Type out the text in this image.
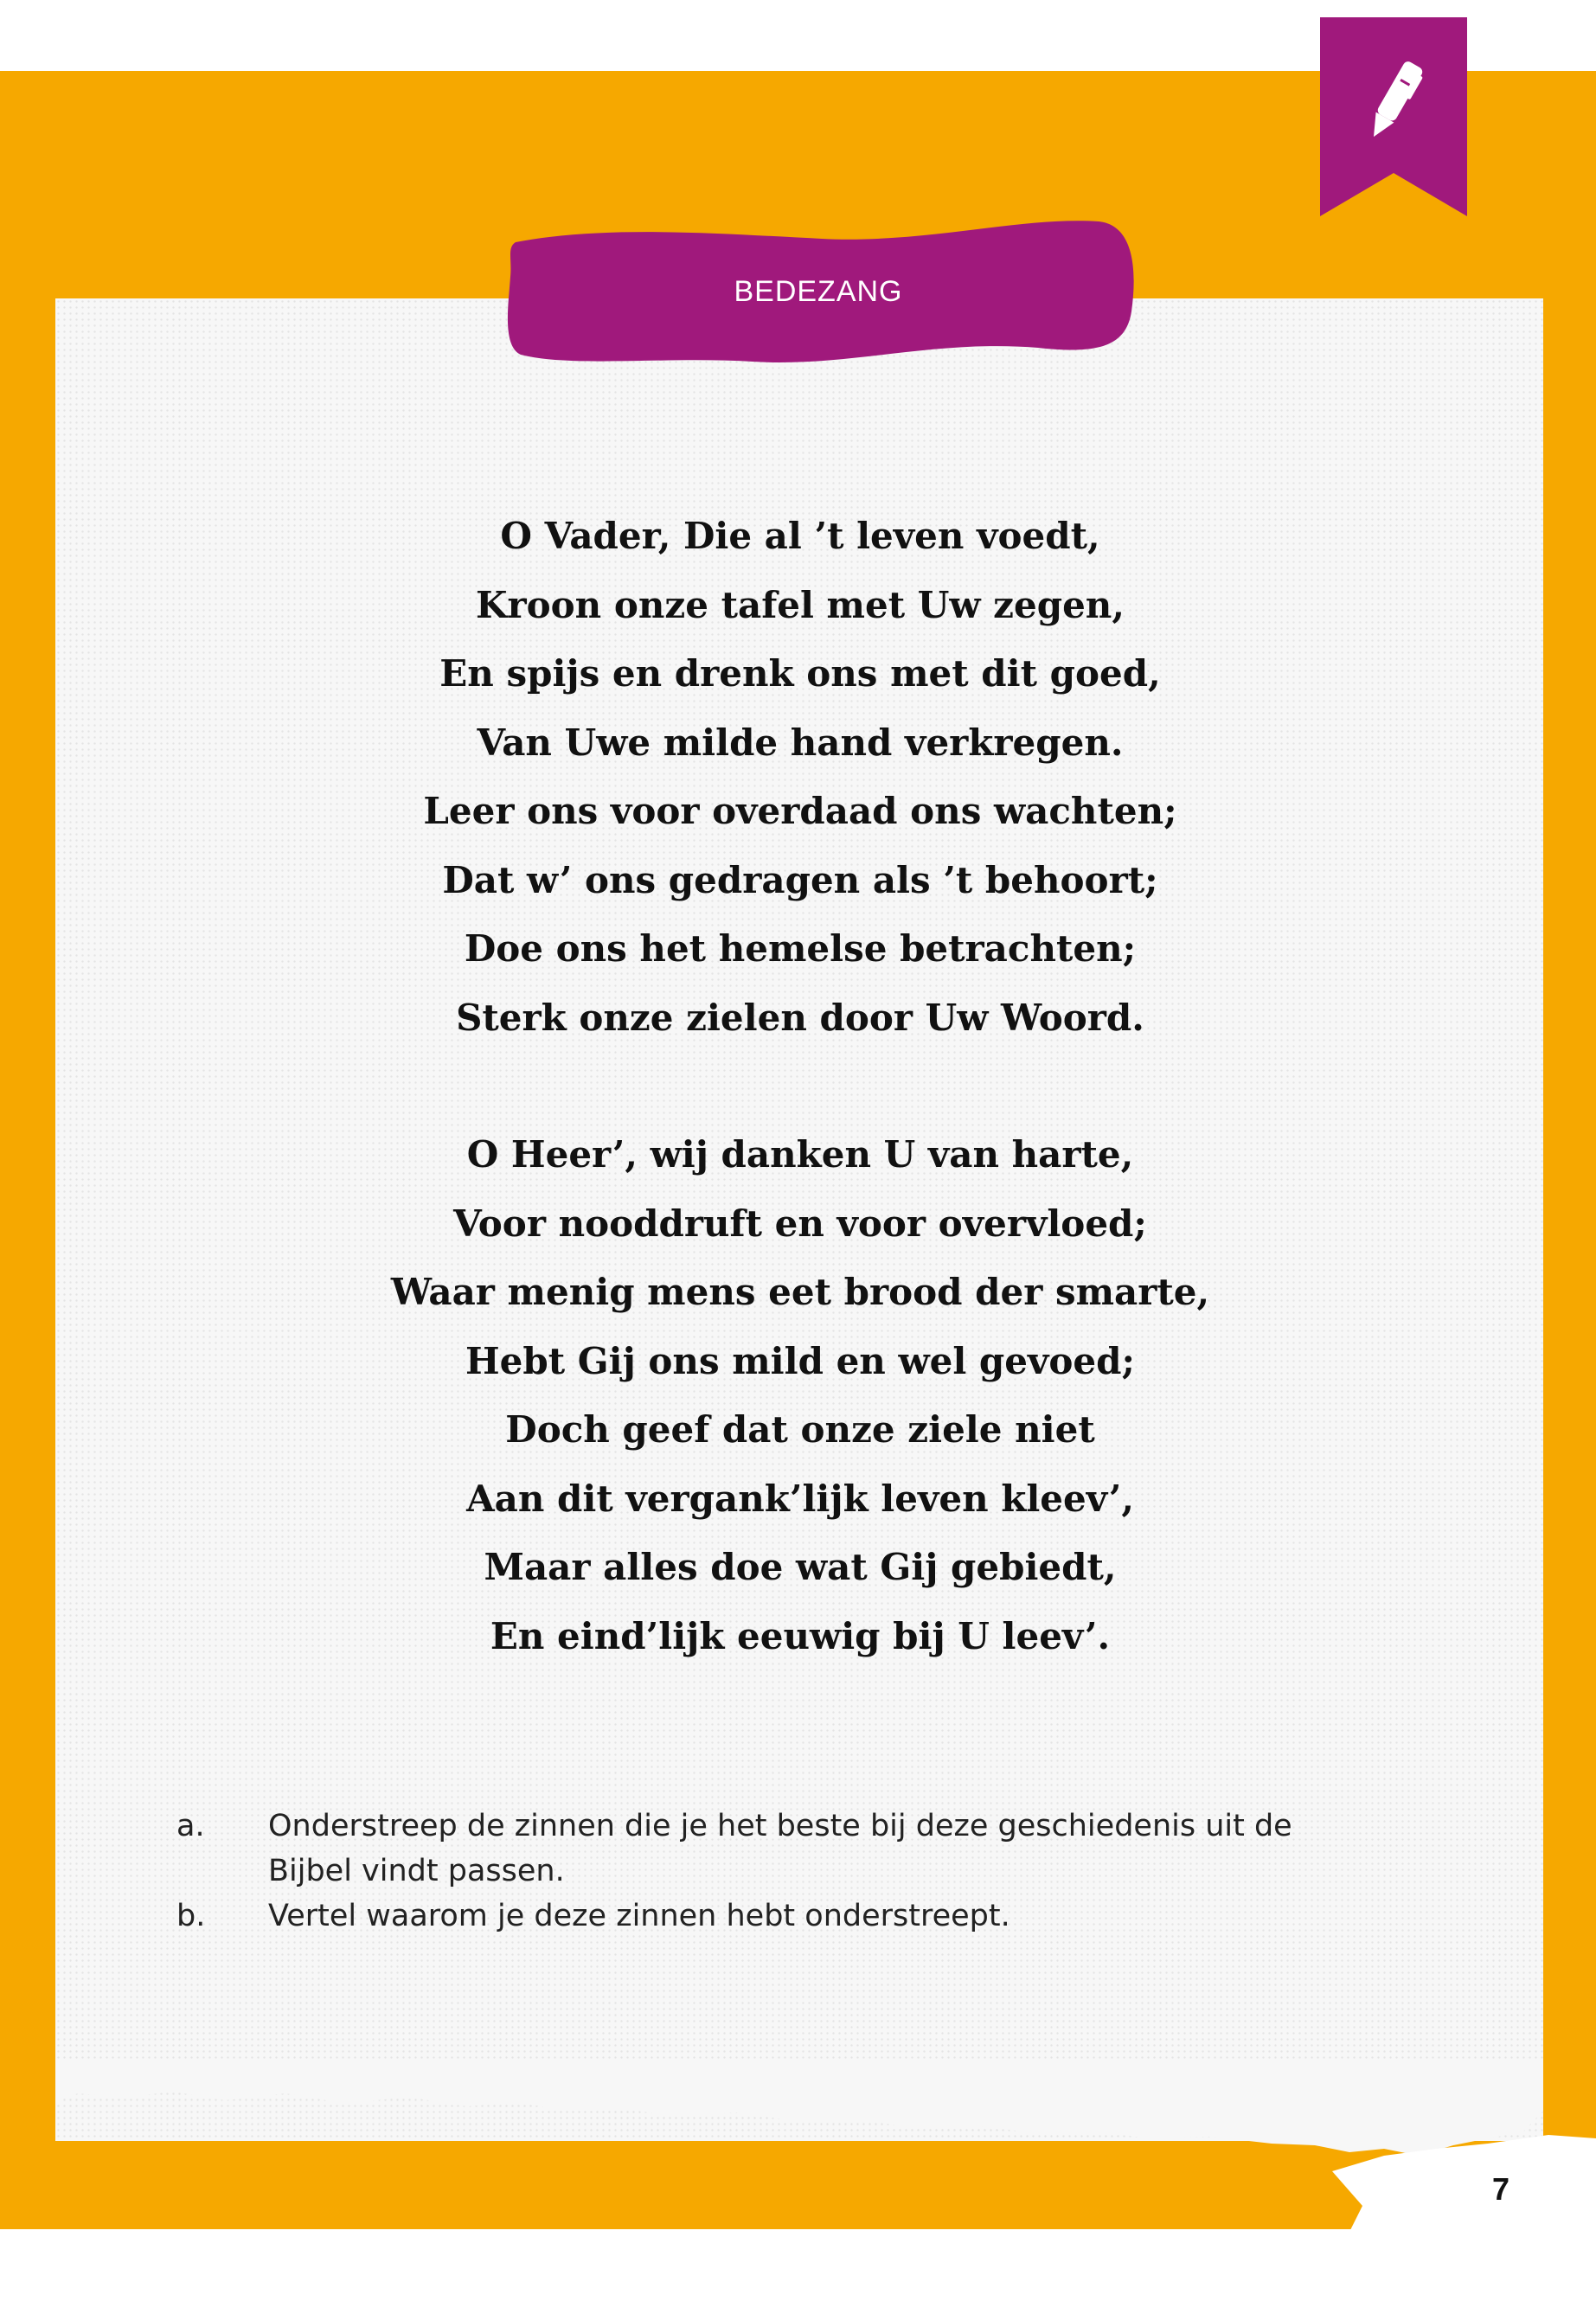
BEDEZANG
O Vader, Die al ’t leven voedt,
Kroon onze tafel met Uw zegen,
En spijs en drenk ons met dit goed,
Van Uwe milde hand verkregen.
Leer ons voor overdaad ons wachten;
Dat w’ ons gedragen als ’t behoort;
Doe ons het hemelse betrachten;
Sterk onze zielen door Uw Woord.
O Heer’, wij danken U van harte,
Voor nooddruft en voor overvloed;
Waar menig mens eet brood der smarte,
Hebt Gij ons mild en wel gevoed;
Doch geef dat onze ziele niet
Aan dit vergank’lijk leven kleev’,
Maar alles doe wat Gij gebiedt,
En eind’lijk eeuwig bij U leev’.
a. Onderstreep de zinnen die je het beste bij deze geschiedenis uit de
Bijbel vindt passen.
b. Vertel waarom je deze zinnen hebt onderstreept.
7
